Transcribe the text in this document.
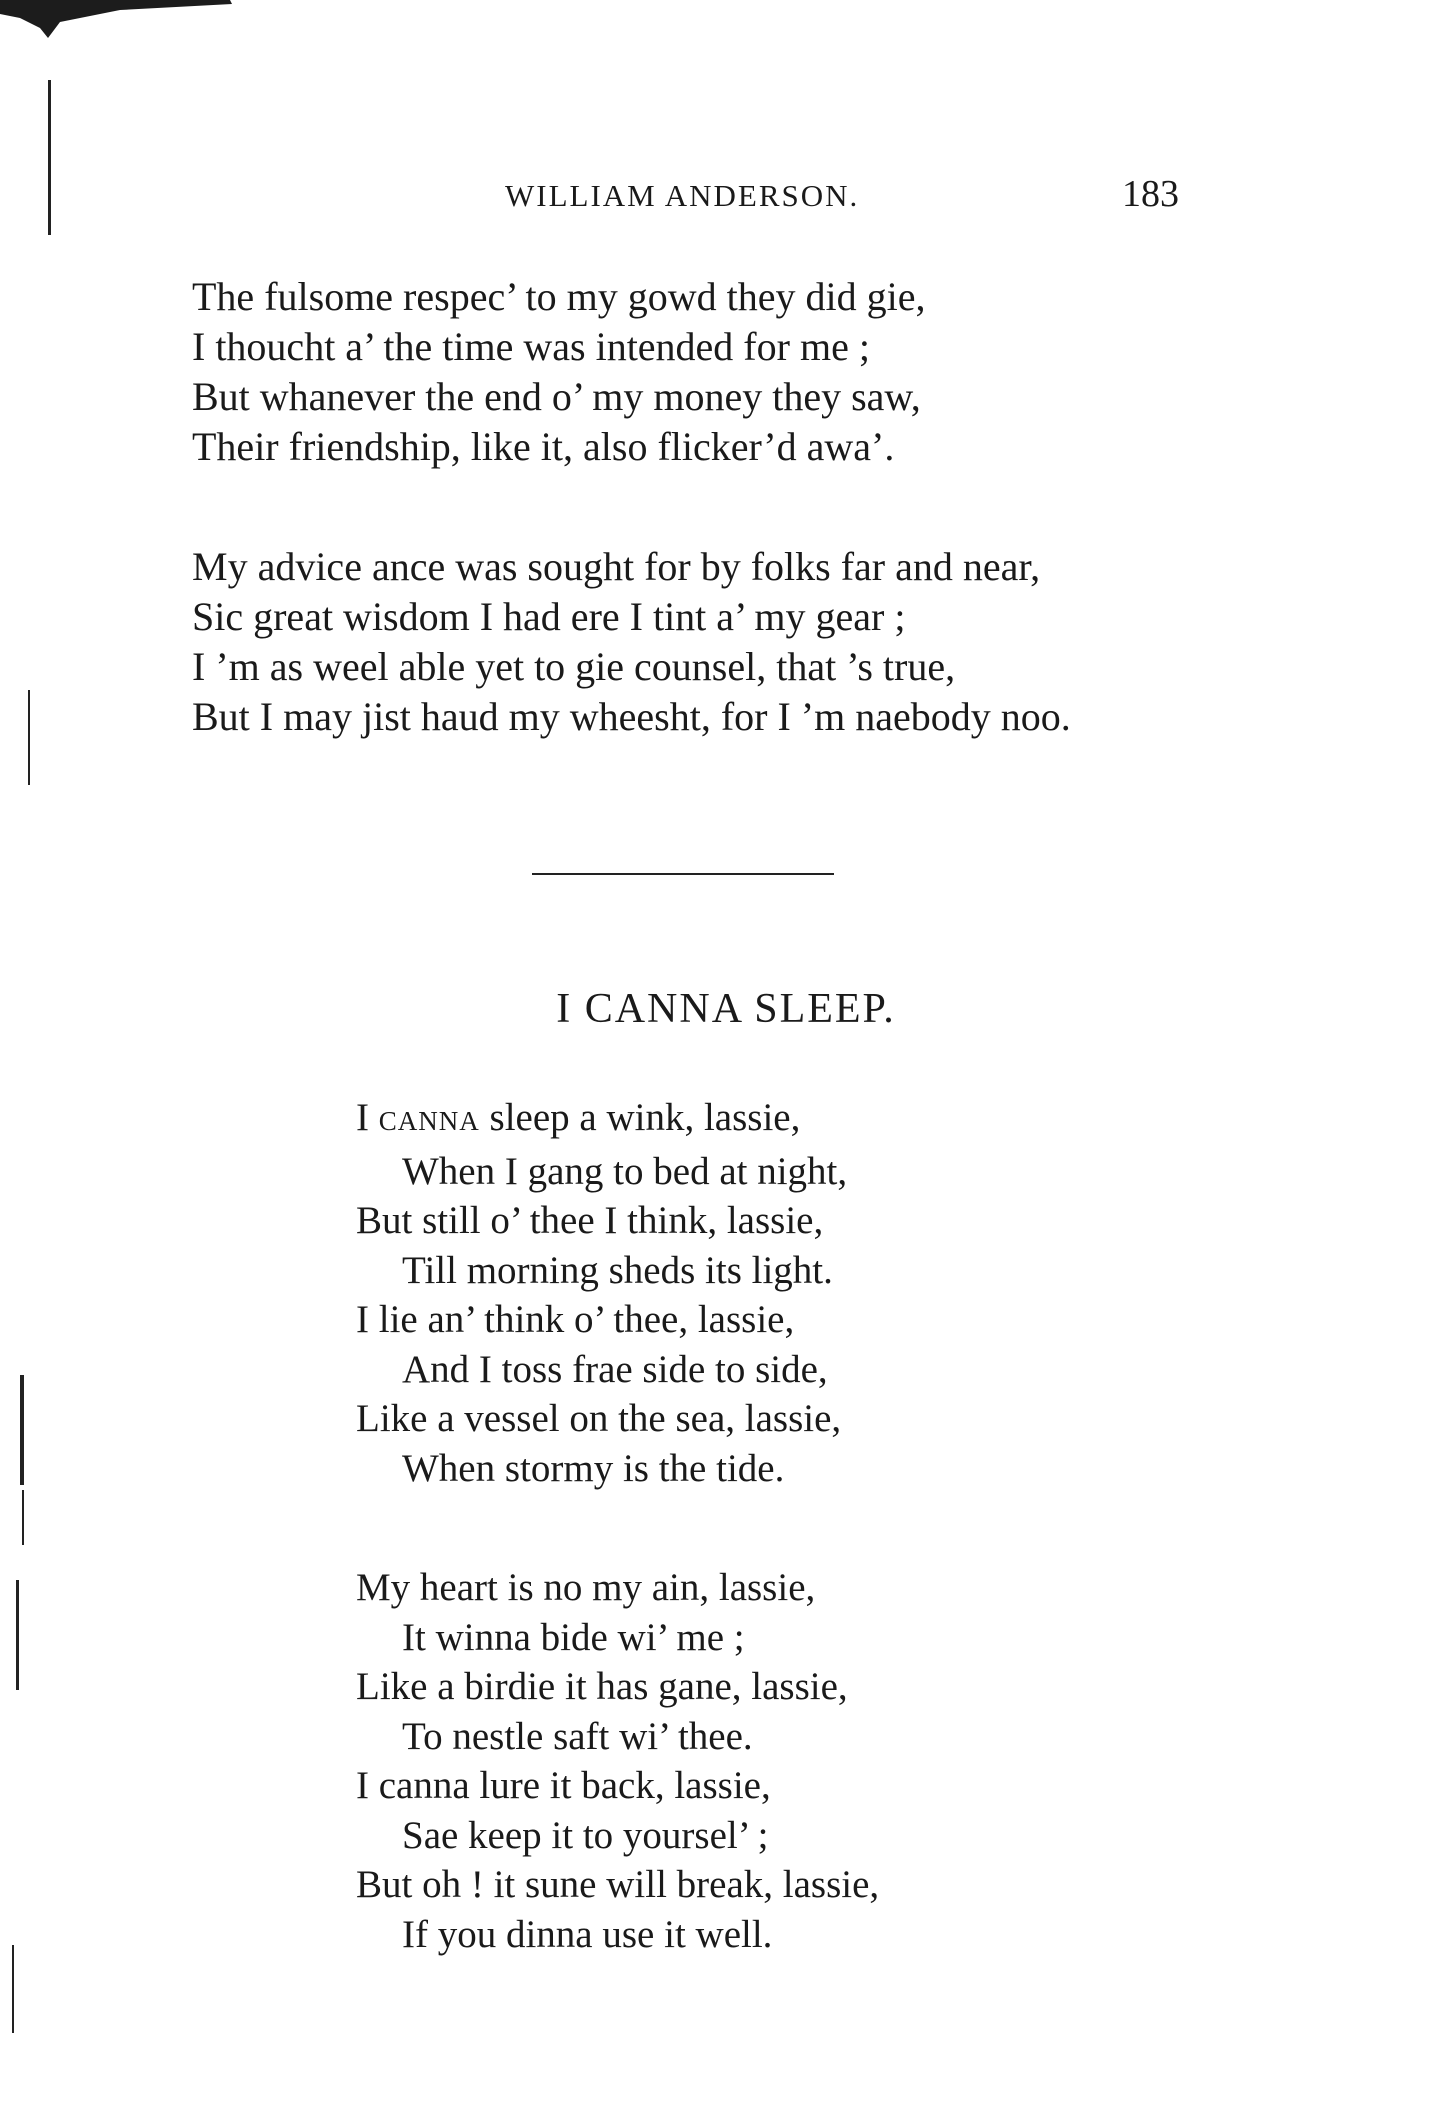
WILLIAM ANDERSON.	183
The fulsome respec’ to my gowd they did gie,
I thoucht a’ the time was intended for me ;
But whanever the end o’ my money they saw,
Their friendship, like it, also flicker’d awa’.
My advice ance was sought for by folks far and near,
Sic great wisdom I had ere I tint a’ my gear ;
I ’m as weel able yet to gie counsel, that ’s true,
But I may jist haud my wheesht, for I ’m naebody noo.
I CANNA SLEEP.
I CANNA sleep a wink, lassie,
When I gang to bed at night,
But still o’ thee I think, lassie,
Till morning sheds its light.
I lie an’ think o’ thee, lassie,
And I toss frae side to side,
Like a vessel on the sea, lassie,
When stormy is the tide.
My heart is no my ain, lassie,
It winna bide wi’ me ;
Like a birdie it has gane, lassie,
To nestle saft wi’ thee.
I canna lure it back, lassie,
Sae keep it to yoursel’ ;
But oh ! it sune will break, lassie,
If you dinna use it well.
